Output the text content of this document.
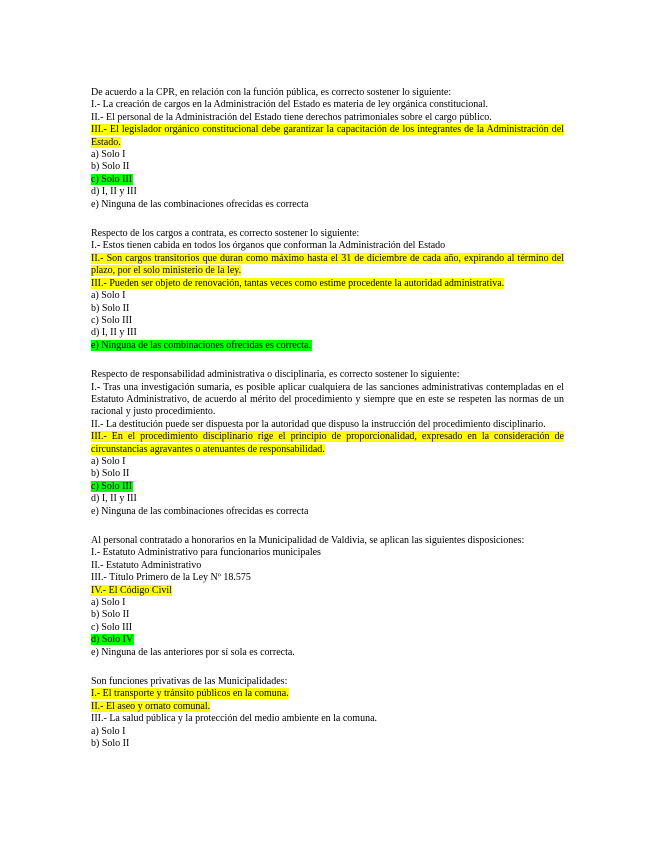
De acuerdo a la CPR, en relación con la función pública, es correcto sostener lo siguiente:
I.- La creación de cargos en la Administración del Estado es materia de ley orgánica constitucional.
II.- El personal de la Administración del Estado tiene derechos patrimoniales sobre el cargo público.
III.- El legislador orgánico constitucional debe garantizar la capacitación de los integrantes de la Administración del Estado.
a) Solo I
b) Solo II
c) Solo III
d) I, II y III
e) Ninguna de las combinaciones ofrecidas es correcta
Respecto de los cargos a contrata, es correcto sostener lo siguiente:
I.- Estos tienen cabida en todos los órganos que conforman la Administración del Estado
II.- Son cargos transitorios que duran como máximo hasta el 31 de diciembre de cada año, expirando al término del plazo, por el solo ministerio de la ley.
III.- Pueden ser objeto de renovación, tantas veces como estime procedente la autoridad administrativa.
a) Solo I
b) Solo II
c) Solo III
d) I, II y III
e) Ninguna de las combinaciones ofrecidas es correcta.
Respecto de responsabilidad administrativa o disciplinaria, es correcto sostener lo siguiente:
I.- Tras una investigación sumaria, es posible aplicar cualquiera de las sanciones administrativas contempladas en el Estatuto Administrativo, de acuerdo al mérito del procedimiento y siempre que en este se respeten las normas de un racional y justo procedimiento.
II.- La destitución puede ser dispuesta por la autoridad que dispuso la instrucción del procedimiento disciplinario.
III.- En el procedimiento disciplinario rige el principio de proporcionalidad, expresado en la consideración de circunstancias agravantes o atenuantes de responsabilidad.
a) Solo I
b) Solo II
c) Solo III
d) I, II y III
e) Ninguna de las combinaciones ofrecidas es correcta
Al personal contratado a honorarios en la Municipalidad de Valdivia, se aplican las siguientes disposiciones:
I.- Estatuto Administrativo para funcionarios municipales
II.- Estatuto Administrativo
III.- Título Primero de la Ley Nº 18.575
IV.- El Código Civil
a) Solo I
b) Solo II
c) Solo III
d) Solo IV
e) Ninguna de las anteriores por sí sola es correcta.
Son funciones privativas de las Municipalidades:
I.- El transporte y tránsito públicos en la comuna.
II.- El aseo y ornato comunal.
III.- La salud pública y la protección del medio ambiente en la comuna.
a) Solo I
b) Solo II
